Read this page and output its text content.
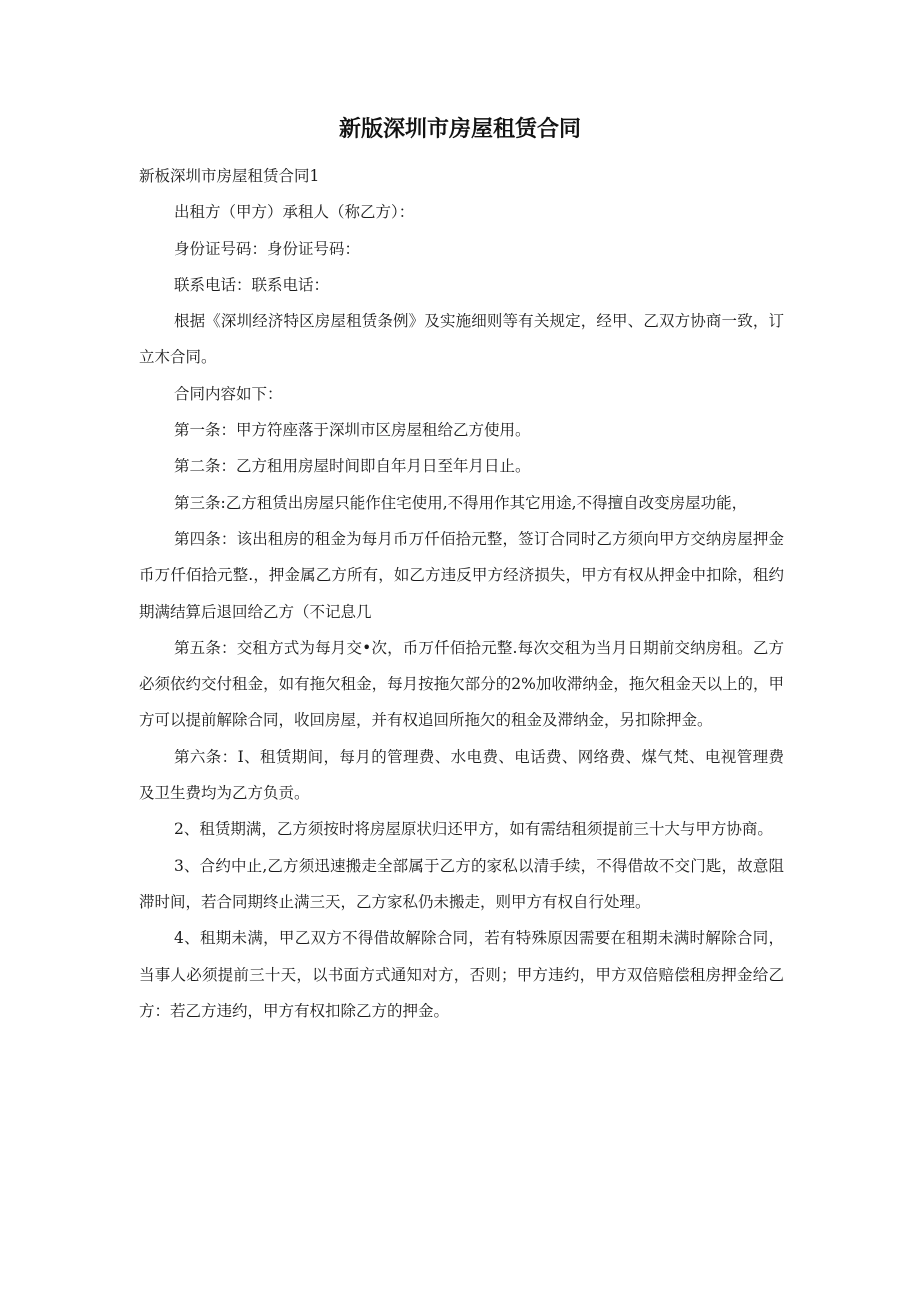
新版深圳市房屋租赁合同

新板深圳市房屋租赁合同1

出租方（甲方）承租人（称乙方）：

身份证号码：身份证号码：

联系电话：联系电话：

根据《深圳经济特区房屋租赁条例》及实施细则等有关规定，经甲、乙双方协商一致，订立木合同。

合同内容如下：

第一条：甲方符座落于深圳市区房屋租给乙方使用。

第二条：乙方租用房屋时间即自年月日至年月日止。

第三条:乙方租赁出房屋只能作住宅使用,不得用作其它用途,不得擅自改变房屋功能，

第四条：该出租房的租金为每月币万仟佰拾元整，签订合同时乙方须向甲方交纳房屋押金币万仟佰拾元整.，押金属乙方所有，如乙方违反甲方经济损失，甲方有权从押金中扣除，租约期满结算后退回给乙方（不记息几

第五条：交租方式为每月交•次，币万仟佰拾元整.每次交租为当月日期前交纳房租。乙方必须依约交付租金，如有拖欠租金，每月按拖欠部分的2%加收滞纳金，拖欠租金天以上的，甲方可以提前解除合同，收回房屋，并有权追回所拖欠的租金及滞纳金，另扣除押金。

第六条：I、租赁期间，每月的管理费、水电费、电话费、网络费、煤气梵、电视管理费及卫生费均为乙方负贡。

2、租赁期满，乙方须按时将房屋原状归还甲方，如有需结租须提前三十大与甲方协商。

3、合约中止,乙方须迅速搬走全部属于乙方的家私以清手续，不得借故不交门匙，故意阻滞时间，若合同期终止满三天，乙方家私仍未搬走，则甲方有权自行处理。

4、租期未满，甲乙双方不得借故解除合同，若有特殊原因需要在租期未满时解除合同，当事人必须提前三十天，以书面方式通知对方，否则；甲方违约，甲方双倍赔偿租房押金给乙方：若乙方违约，甲方有权扣除乙方的押金。
